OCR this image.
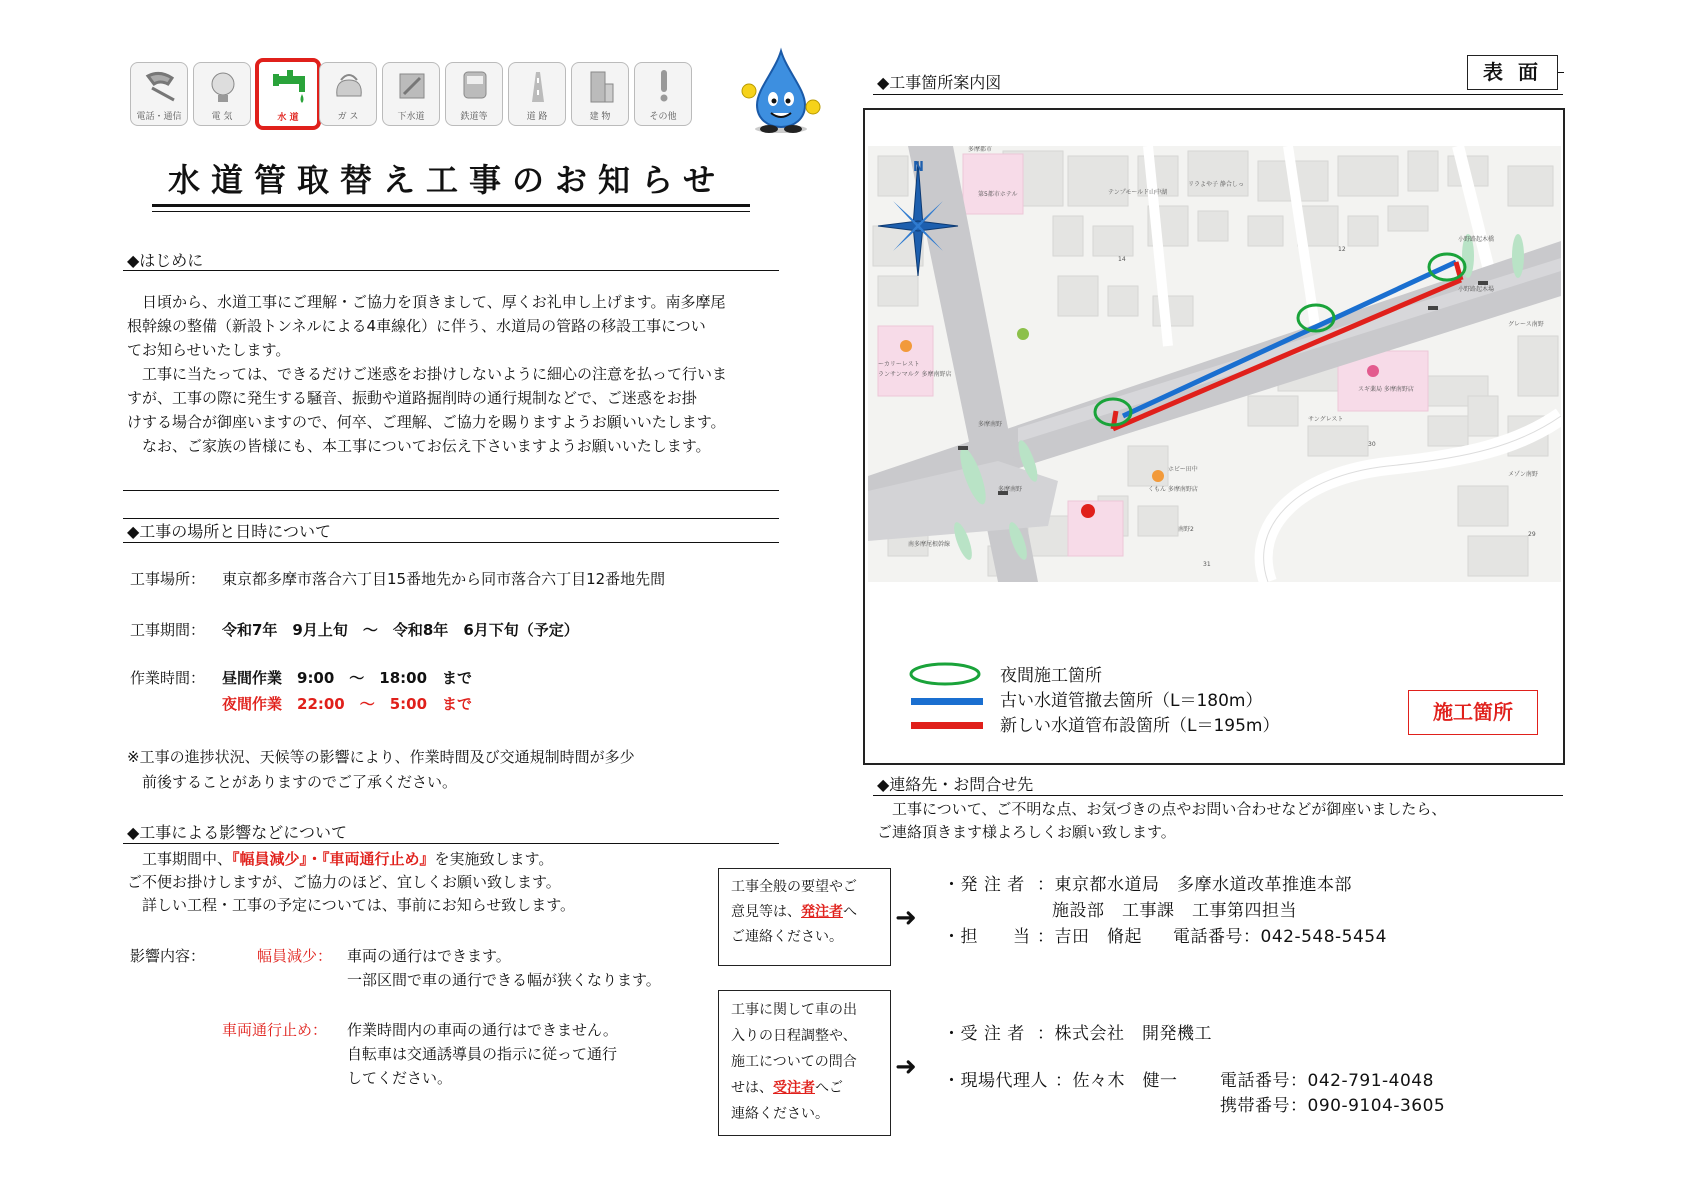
電話・通信	電 気	水 道	ガ ス	下水道	鉄道等	道 路	建 物	その他
水道管取替え工事のお知らせ
◆はじめに
　日頃から、水道工事にご理解・ご協力を頂きまして、厚くお礼申し上げます。南多摩尾
根幹線の整備（新設トンネルによる4車線化）に伴う、水道局の管路の移設工事につい
てお知らせいたします。
　工事に当たっては、できるだけご迷惑をお掛けしないように細心の注意を払って行いま
すが、工事の際に発生する騒音、振動や道路掘削時の通行規制などで、ご迷惑をお掛
けする場合が御座いますので、何卒、ご理解、ご協力を賜りますようお願いいたします。
　なお、ご家族の皆様にも、本工事についてお伝え下さいますようお願いいたします。
◆工事の場所と日時について
工事場所： 東京都多摩市落合六丁目15番地先から同市落合六丁目12番地先間
工事期間： 令和7年　9月上旬　～　令和8年　6月下旬（予定）
作業時間： 昼間作業　9:00　～　18:00　まで
夜間作業　22:00　～　5:00　まで
※工事の進捗状況、天候等の影響により、作業時間及び交通規制時間が多少
　前後することがありますのでご了承ください。
◆工事による影響などについて
　工事期間中、『幅員減少』・『車両通行止め』を実施致します。
ご不便お掛けしますが、ご協力のほど、宜しくお願い致します。
　詳しい工程・工事の予定については、事前にお知らせ致します。
影響内容：	幅員減少： 車両の通行はできます。
一部区間で車の通行できる幅が狭くなります。
車両通行止め： 作業時間内の車両の通行はできません。
自転車は交通誘導員の指示に従って通行
してください。
◆工事箇所案内図	表 面
N
多摩都市
第5都市ホテル	テンプモールド山中湖
リラよや子 静合しっ
小野路起木橋
小野路起木場
グレース南野
サングレスト
スギ薬局 多摩南野店
ランサンマルク 多摩南野店
ーカリーレスト
多摩南野
多摩南野
ホビー田中
くもん 多摩南野店
南野2
南多摩尾根幹線
メゾン南野
30
29
31
14
12
夜間施工箇所
古い水道管撤去箇所（L＝180m）
新しい水道管布設箇所（L＝195m）
施工箇所
◆連絡先・お問合せ先
　工事について、ご不明な点、お気づきの点やお問い合わせなどが御座いましたら、
ご連絡頂きます様よろしくお願い致します。
工事全般の要望やご
意見等は、発注者へ
ご連絡ください。
➜
・発 注 者 ：東京都水道局　多摩水道改革推進本部
施設部　工事課　工事第四担当
・担　　当 ：吉田　脩起 電話番号：042-548-5454
工事に関して車の出
入りの日程調整や、
施工についての問合
せは、受注者へご
連絡ください。
➜
・受 注 者 ：株式会社　開発機工
・現場代理人 ：佐々木　健一	電話番号：042-791-4048
携帯番号：090-9104-3605
